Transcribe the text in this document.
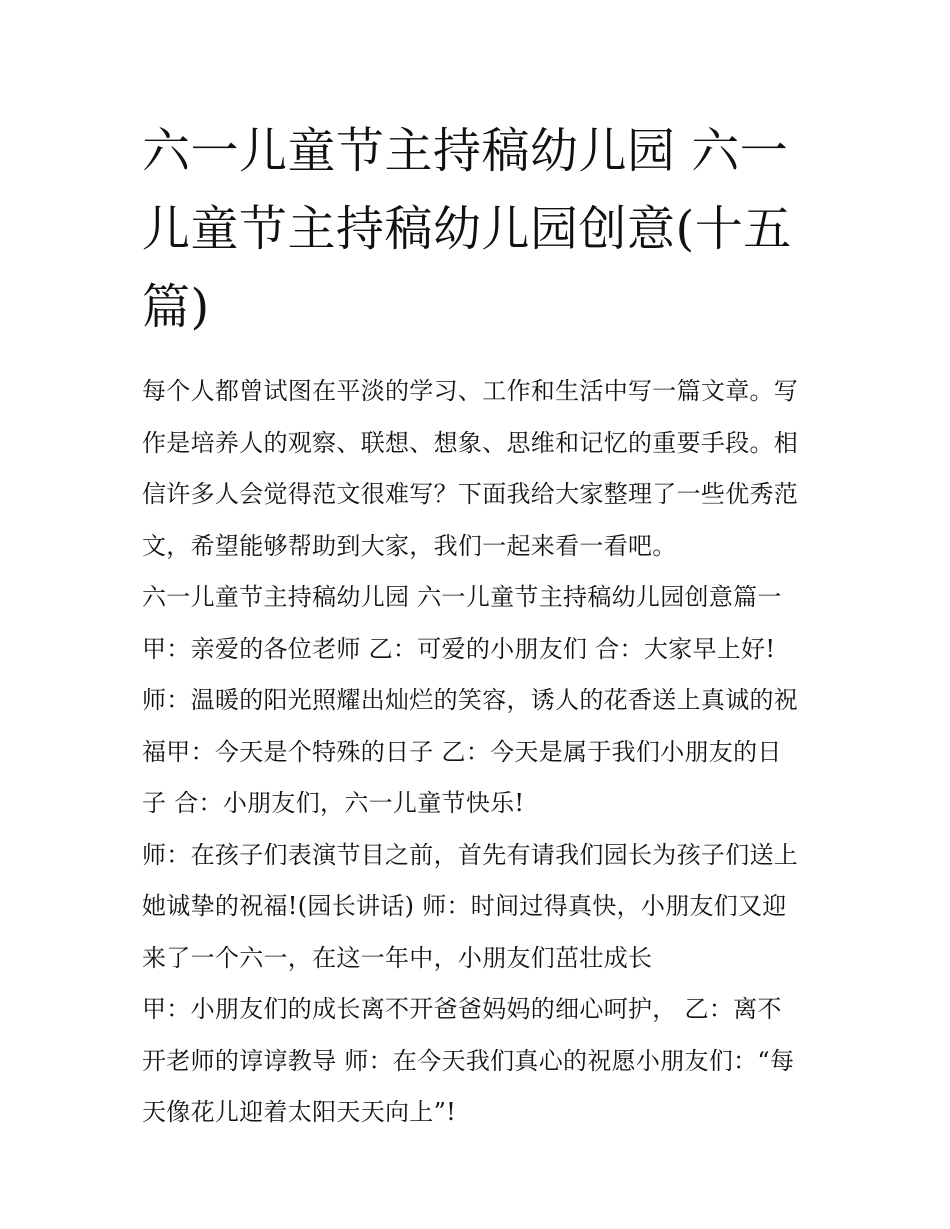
六一儿童节主持稿幼儿园 六一
儿童节主持稿幼儿园创意(十五
篇)
每个人都曾试图在平淡的学习、工作和生活中写一篇文章。写
作是培养人的观察、联想、想象、思维和记忆的重要手段。相
信许多人会觉得范文很难写？下面我给大家整理了一些优秀范
文，希望能够帮助到大家，我们一起来看一看吧。
六一儿童节主持稿幼儿园 六一儿童节主持稿幼儿园创意篇一
甲：亲爱的各位老师 乙：可爱的小朋友们 合：大家早上好!
师：温暖的阳光照耀出灿烂的笑容，诱人的花香送上真诚的祝
福甲：今天是个特殊的日子 乙：今天是属于我们小朋友的日
子 合：小朋友们，六一儿童节快乐!
师：在孩子们表演节目之前，首先有请我们园长为孩子们送上
她诚挚的祝福!(园长讲话) 师：时间过得真快，小朋友们又迎
来了一个六一，在这一年中，小朋友们茁壮成长
甲：小朋友们的成长离不开爸爸妈妈的细心呵护， 乙：离不
开老师的谆谆教导 师：在今天我们真心的祝愿小朋友们：“每
天像花儿迎着太阳天天向上”!
